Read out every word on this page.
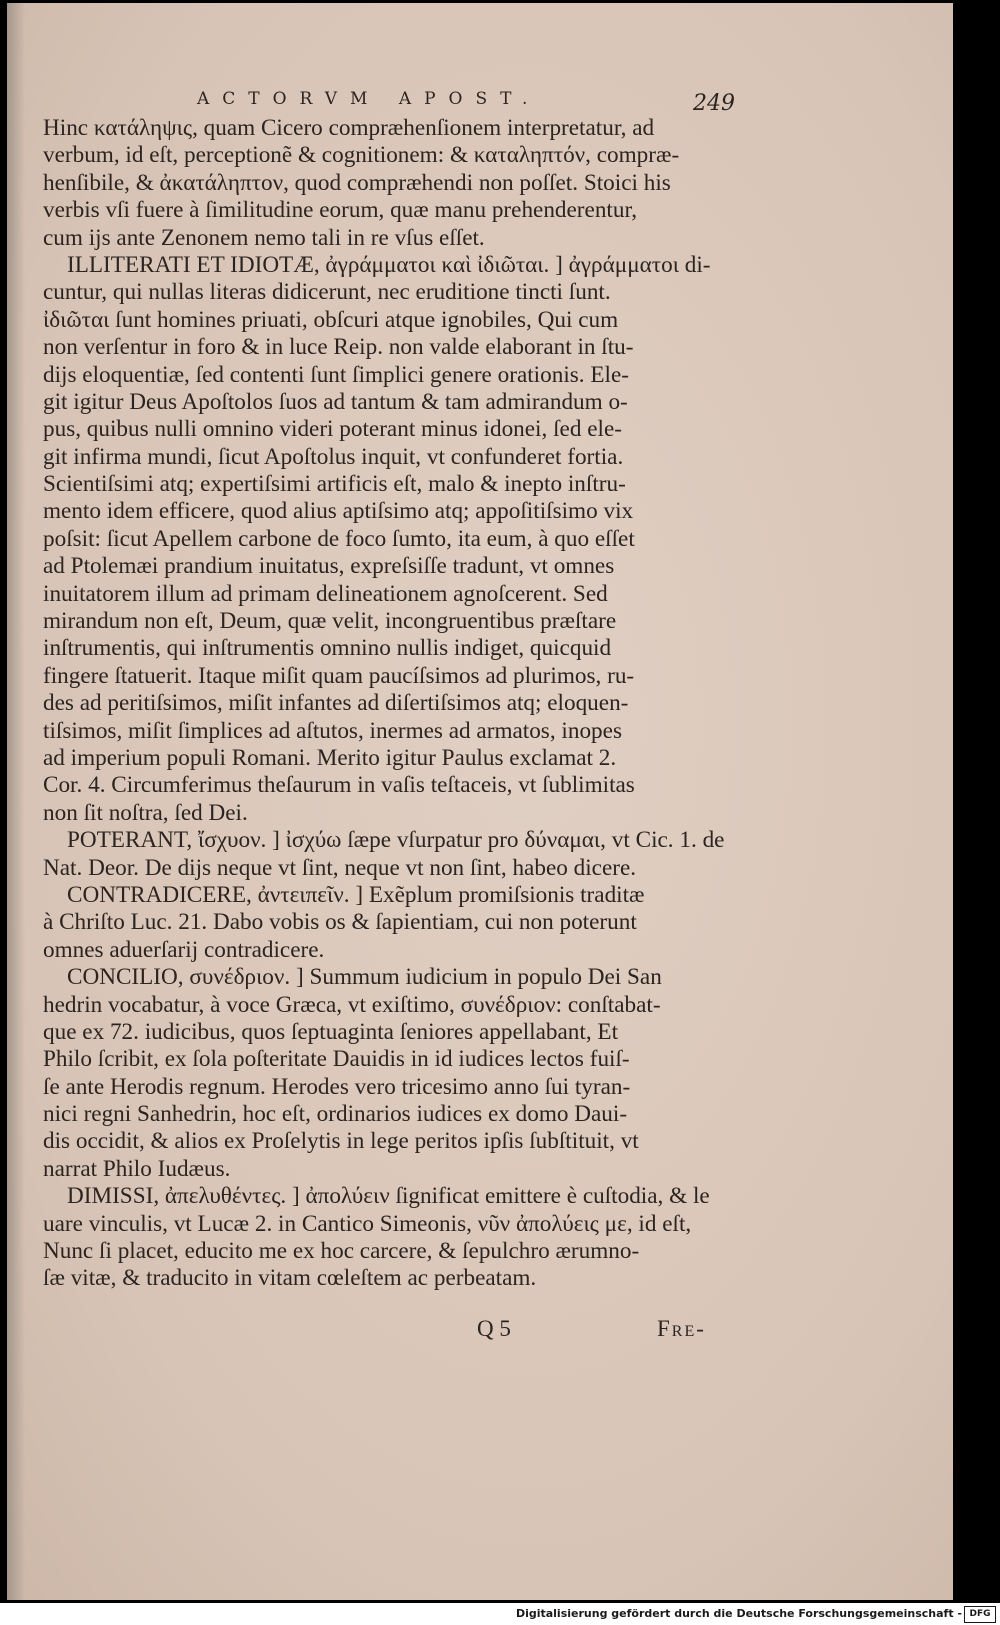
ACTORVM APOST.	249
Hinc κατάληψις, quam Cicero compræhenſionem interpretatur, ad
verbum, id eſt, perceptionẽ & cognitionem: & καταληπτόν, compræ-
henſibile, & ἀκατάληπτον, quod compræhendi non poſſet. Stoici his
verbis vſi fuere à ſimilitudine eorum, quæ manu prehenderentur,
cum ijs ante Zenonem nemo tali in re vſus eſſet.
ILLITERATI ET IDIOTÆ, ἀγράμματοι καὶ ἰδιῶται. ] ἀγράμματοι di-
cuntur, qui nullas literas didicerunt, nec eruditione tincti ſunt.
ἰδιῶται ſunt homines priuati, obſcuri atque ignobiles, Qui cum
non verſentur in foro & in luce Reip. non valde elaborant in ſtu-
dijs eloquentiæ, ſed contenti ſunt ſimplici genere orationis. Ele-
git igitur Deus Apoſtolos ſuos ad tantum & tam admirandum o-
pus, quibus nulli omnino videri poterant minus idonei, ſed ele-
git infirma mundi, ſicut Apoſtolus inquit, vt confunderet fortia.
Scientiſsimi atq; expertiſsimi artificis eſt, malo & inepto inſtru-
mento idem efficere, quod alius aptiſsimo atq; appoſitiſsimo vix
poſsit: ſicut Apellem carbone de foco ſumto, ita eum, à quo eſſet
ad Ptolemæi prandium inuitatus, expreſsiſſe tradunt, vt omnes
inuitatorem illum ad primam delineationem agnoſcerent. Sed
mirandum non eſt, Deum, quæ velit, incongruentibus præſtare
inſtrumentis, qui inſtrumentis omnino nullis indiget, quicquid
fingere ſtatuerit. Itaque miſit quam paucíſsimos ad plurimos, ru-
des ad peritiſsimos, miſit infantes ad diſertiſsimos atq; eloquen-
tiſsimos, miſit ſimplices ad aſtutos, inermes ad armatos, inopes
ad imperium populi Romani. Merito igitur Paulus exclamat 2.
Cor. 4. Circumferimus theſaurum in vaſis teſtaceis, vt ſublimitas
non ſit noſtra, ſed Dei.
POTERANT, ἴσχυον. ] ἰσχύω ſæpe vſurpatur pro δύναμαι, vt Cic. 1. de
Nat. Deor. De dijs neque vt ſint, neque vt non ſint, habeo dicere.
CONTRADICERE, ἀντειπεῖν. ] Exẽplum promiſsionis traditæ
à Chriſto Luc. 21. Dabo vobis os & ſapientiam, cui non poterunt
omnes aduerſarij contradicere.
CONCILIO, συνέδριον. ] Summum iudicium in populo Dei San
hedrin vocabatur, à voce Græca, vt exiſtimo, συνέδριον: conſtabat-
que ex 72. iudicibus, quos ſeptuaginta ſeniores appellabant, Et
Philo ſcribit, ex ſola poſteritate Dauidis in id iudices lectos fuiſ-
ſe ante Herodis regnum. Herodes vero tricesimo anno ſui tyran-
nici regni Sanhedrin, hoc eſt, ordinarios iudices ex domo Daui-
dis occidit, & alios ex Proſelytis in lege peritos ipſis ſubſtituit, vt
narrat Philo Iudæus.
DIMISSI, ἀπελυθέντες. ] ἀπολύειν ſignificat emittere è cuſtodia, & le
uare vinculis, vt Lucæ 2. in Cantico Simeonis, νῦν ἀπολύεις με, id eſt,
Nunc ſi placet, educito me ex hoc carcere, & ſepulchro ærumno-
ſæ vitæ, & traducito in vitam cœleſtem ac perbeatam.
Q 5	Fre-
Digitalisierung gefördert durch die Deutsche Forschungsgemeinschaft - DFG
